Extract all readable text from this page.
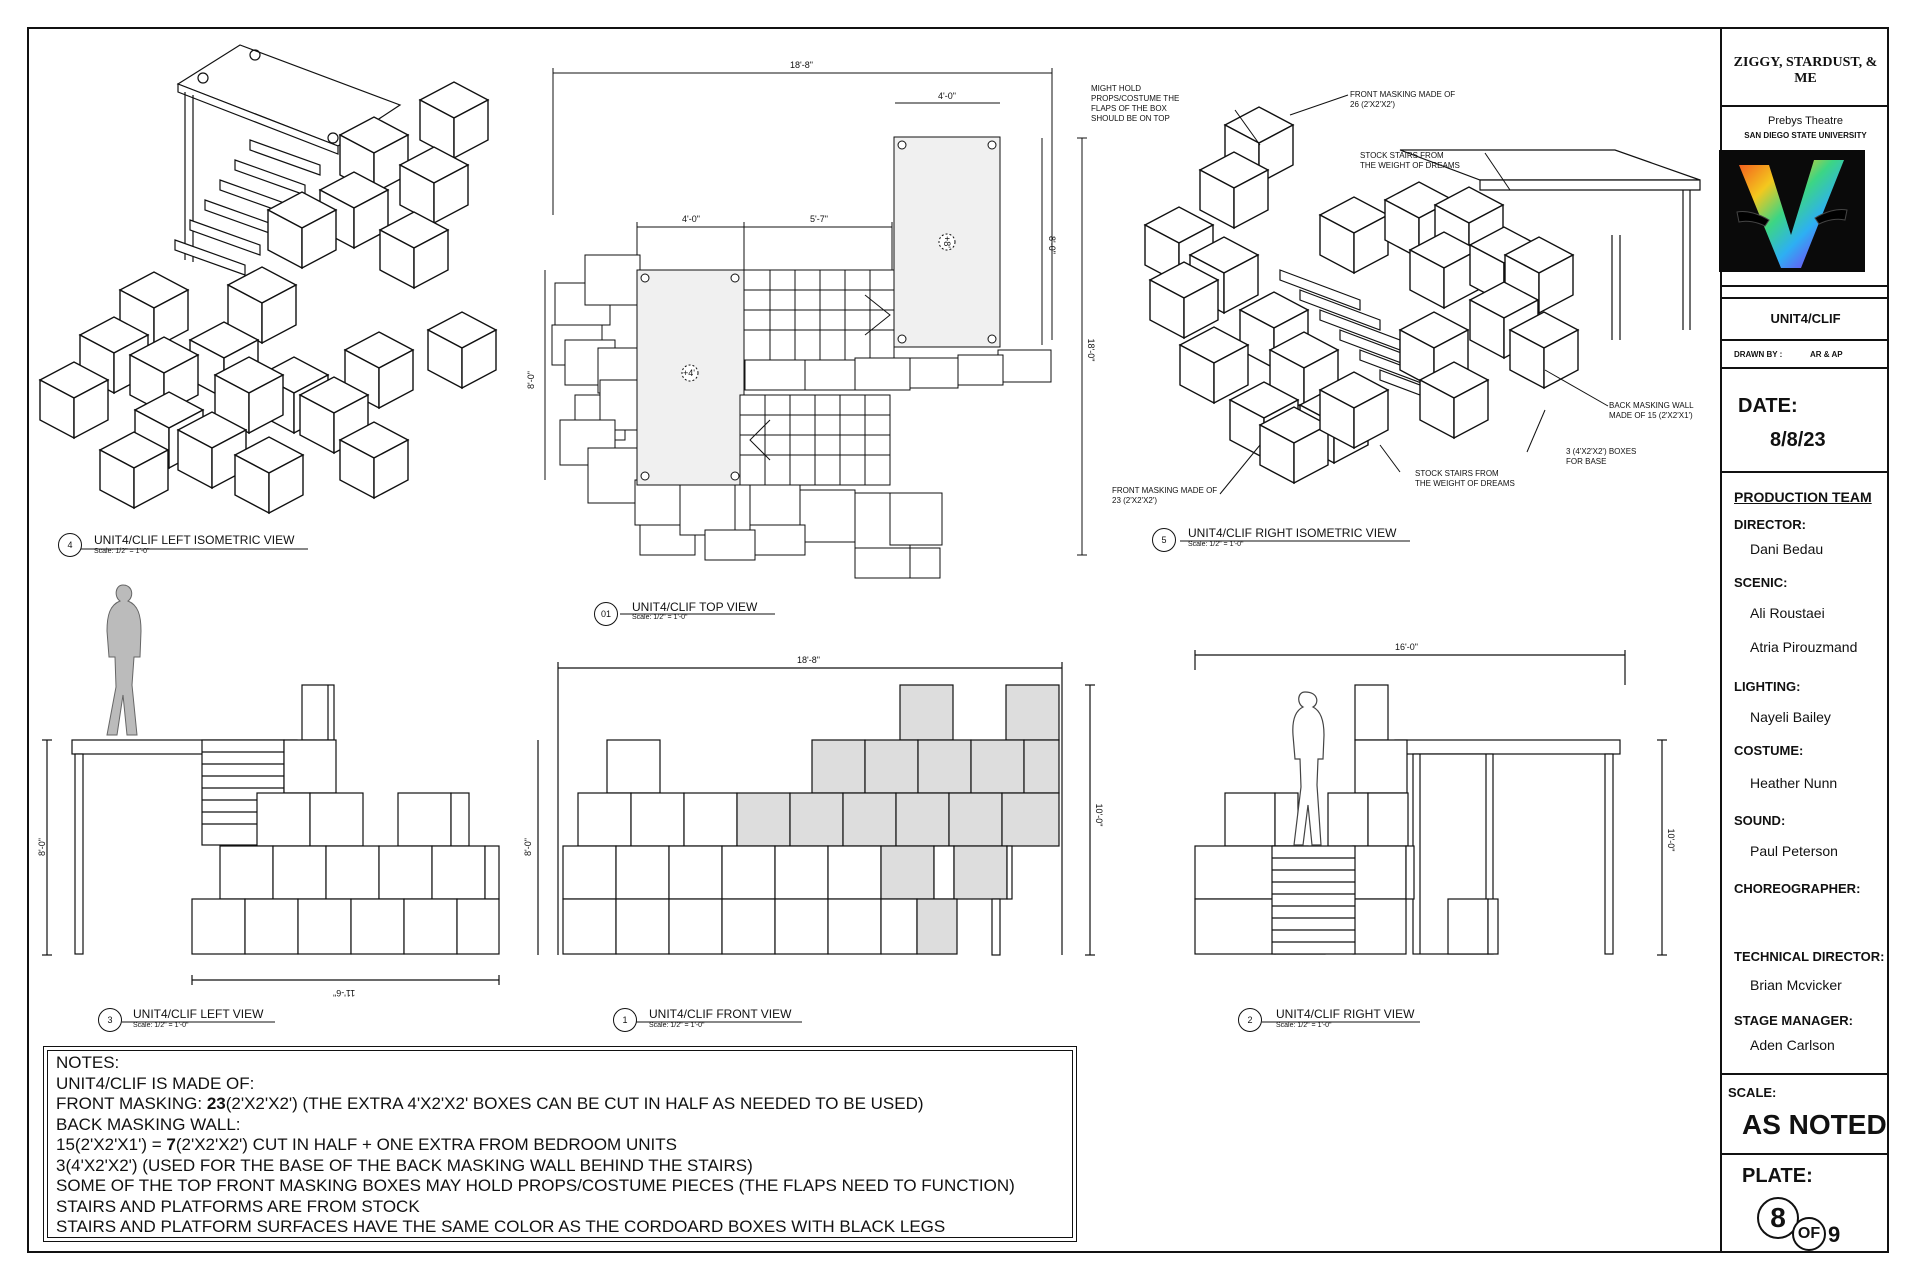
4	UNIT4/CLIF LEFT ISOMETRIC VIEW
Scale: 1/2" = 1'-0"
01	UNIT4/CLIF TOP VIEW
Scale: 1/2" = 1'-0"
5	UNIT4/CLIF RIGHT ISOMETRIC VIEW
Scale: 1/2" = 1'-0"
3	UNIT4/CLIF LEFT VIEW
Scale: 1/2" = 1'-0"
1	UNIT4/CLIF FRONT VIEW
Scale: 1/2" = 1'-0"
2	UNIT4/CLIF RIGHT VIEW
Scale: 1/2" = 1'-0"
18'-8"
4'-0"
4'-0"	5'-7"
8'-0"
8'-0"
18'-0"
+4'
+8'
8'-0"
11'-6"
18'-8"
8'-0"
10'-0"
16'-0"
10'-0"
MIGHT HOLD PROPS/COSTUME THE FLAPS OF THE BOX SHOULD BE ON TOP
FRONT MASKING MADE OF 26 (2'X2'X2')
STOCK STAIRS FROM THE WEIGHT OF DREAMS
BACK MASKING WALL MADE OF 15 (2'X2'X1')
3 (4'X2'X2') BOXES FOR BASE
STOCK STAIRS FROM THE WEIGHT OF DREAMS
FRONT MASKING MADE OF 23 (2'X2'X2')
NOTES:
UNIT4/CLIF IS MADE OF:
FRONT MASKING: 23(2'X2'X2') (THE EXTRA 4'X2'X2' BOXES CAN BE CUT IN HALF AS NEEDED TO BE USED)
BACK MASKING WALL:
15(2'X2'X1') = 7(2'X2'X2') CUT IN HALF + ONE EXTRA FROM BEDROOM UNITS
3(4'X2'X2') (USED FOR THE BASE OF THE BACK MASKING WALL BEHIND THE STAIRS)
SOME OF THE TOP FRONT MASKING BOXES MAY HOLD PROPS/COSTUME PIECES (THE FLAPS NEED TO FUNCTION)
STAIRS AND PLATFORMS ARE FROM STOCK
STAIRS AND PLATFORM SURFACES HAVE THE SAME COLOR AS THE CORDOARD BOXES WITH BLACK LEGS
ZIGGY, STARDUST, & ME
Prebys Theatre
SAN DIEGO STATE UNIVERSITY
UNIT4/CLIF
DRAWN BY :	AR & AP
DATE:
8/8/23
PRODUCTION TEAM
DIRECTOR:
Dani Bedau
SCENIC:
Ali Roustaei
Atria Pirouzmand
LIGHTING:
Nayeli Bailey
COSTUME:
Heather Nunn
SOUND:
Paul Peterson
CHOREOGRAPHER:
TECHNICAL DIRECTOR:
Brian Mcvicker
STAGE MANAGER:
Aden Carlson
SCALE:
AS NOTED
PLATE:
8
OF 9
